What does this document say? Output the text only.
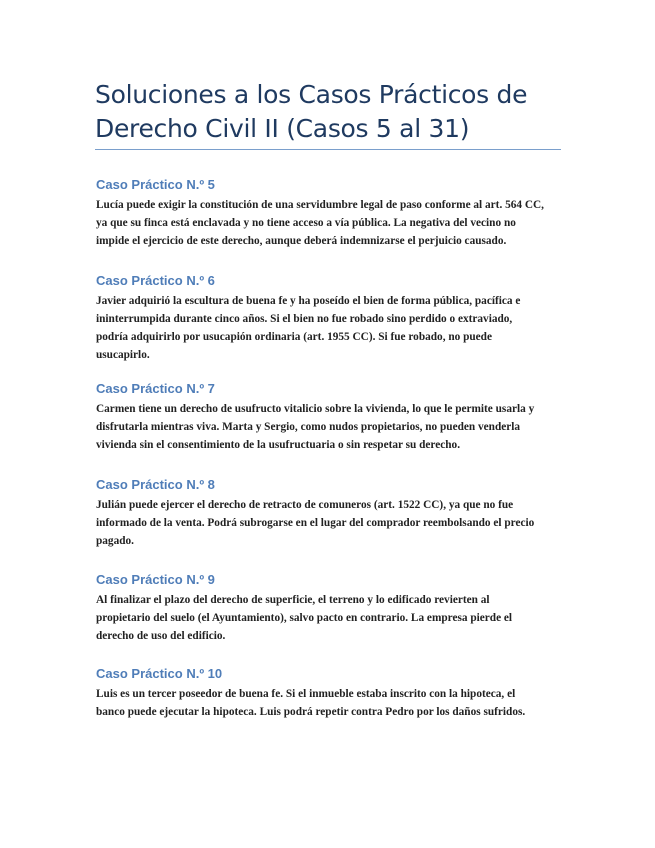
Soluciones a los Casos Prácticos de
Derecho Civil II (Casos 5 al 31)
Caso Práctico N.º 5

Lucía puede exigir la constitución de una servidumbre legal de paso conforme al art. 564 CC,
ya que su finca está enclavada y no tiene acceso a vía pública. La negativa del vecino no
impide el ejercicio de este derecho, aunque deberá indemnizarse el perjuicio causado.

Caso Práctico N.º 6

Javier adquirió la escultura de buena fe y ha poseído el bien de forma pública, pacífica e
ininterrumpida durante cinco años. Si el bien no fue robado sino perdido o extraviado,
podría adquirirlo por usucapión ordinaria (art. 1955 CC). Si fue robado, no puede
usucapirlo.

Caso Práctico N.º 7

Carmen tiene un derecho de usufructo vitalicio sobre la vivienda, lo que le permite usarla y
disfrutarla mientras viva. Marta y Sergio, como nudos propietarios, no pueden venderla
vivienda sin el consentimiento de la usufructuaria o sin respetar su derecho.

Caso Práctico N.º 8

Julián puede ejercer el derecho de retracto de comuneros (art. 1522 CC), ya que no fue
informado de la venta. Podrá subrogarse en el lugar del comprador reembolsando el precio
pagado.

Caso Práctico N.º 9

Al finalizar el plazo del derecho de superficie, el terreno y lo edificado revierten al
propietario del suelo (el Ayuntamiento), salvo pacto en contrario. La empresa pierde el
derecho de uso del edificio.

Caso Práctico N.º 10

Luis es un tercer poseedor de buena fe. Si el inmueble estaba inscrito con la hipoteca, el
banco puede ejecutar la hipoteca. Luis podrá repetir contra Pedro por los daños sufridos.
